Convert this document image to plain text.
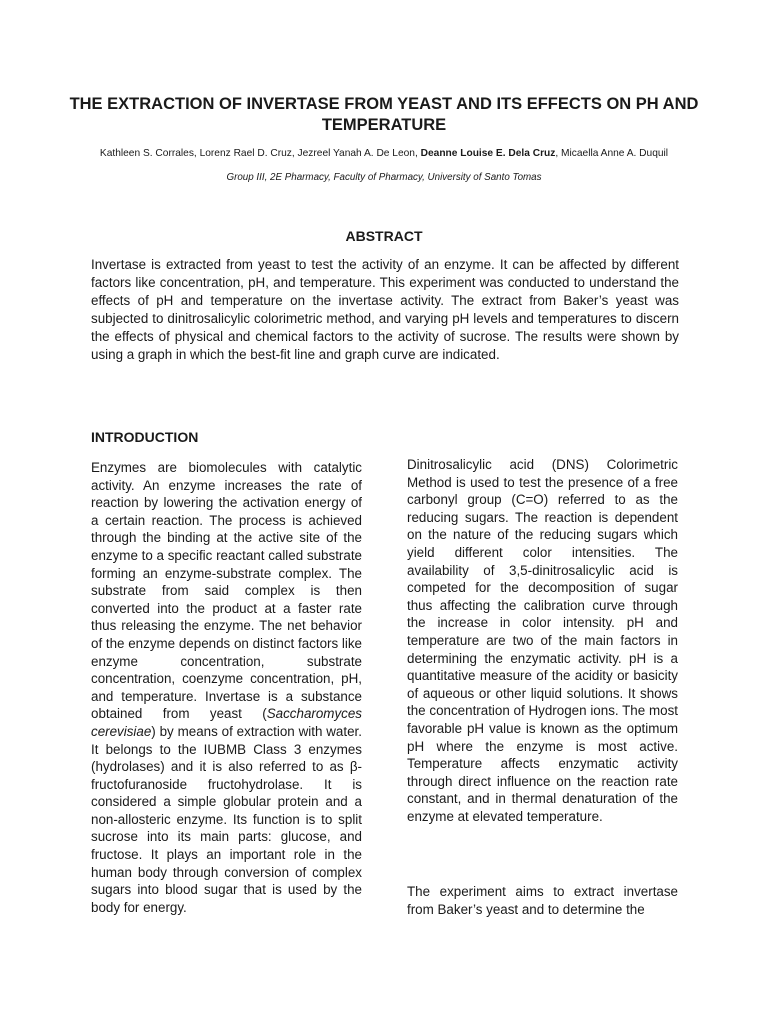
THE EXTRACTION OF INVERTASE FROM YEAST AND ITS EFFECTS ON PH AND TEMPERATURE
Kathleen S. Corrales, Lorenz Rael D. Cruz, Jezreel Yanah A. De Leon, Deanne Louise E. Dela Cruz, Micaella Anne A. Duquil
Group III, 2E Pharmacy, Faculty of Pharmacy, University of Santo Tomas
ABSTRACT

Invertase is extracted from yeast to test the activity of an enzyme. It can be affected by different factors like concentration, pH, and temperature. This experiment was conducted to understand the effects of pH and temperature on the invertase activity. The extract from Baker’s yeast was subjected to dinitrosalicylic colorimetric method, and varying pH levels and temperatures to discern the effects of physical and chemical factors to the activity of sucrose. The results were shown by using a graph in which the best-fit line and graph curve are indicated.

INTRODUCTION

Enzymes are biomolecules with catalytic activity. An enzyme increases the rate of reaction by lowering the activation energy of a certain reaction. The process is achieved through the binding at the active site of the enzyme to a specific reactant called substrate forming an enzyme-substrate complex. The substrate from said complex is then converted into the product at a faster rate thus releasing the enzyme. The net behavior of the enzyme depends on distinct factors like enzyme concentration, substrate concentration, coenzyme concentration, pH, and temperature. Invertase is a substance obtained from yeast (Saccharomyces cerevisiae) by means of extraction with water. It belongs to the IUBMB Class 3 enzymes (hydrolases) and it is also referred to as β-fructofuranoside fructohydrolase. It is considered a simple globular protein and a non-allosteric enzyme. Its function is to split sucrose into its main parts: glucose, and fructose. It plays an important role in the human body through conversion of complex sugars into blood sugar that is used by the body for energy.

Dinitrosalicylic acid (DNS) Colorimetric Method is used to test the presence of a free carbonyl group (C=O) referred to as the reducing sugars. The reaction is dependent on the nature of the reducing sugars which yield different color intensities. The availability of 3,5-dinitrosalicylic acid is competed for the decomposition of sugar thus affecting the calibration curve through the increase in color intensity. pH and temperature are two of the main factors in determining the enzymatic activity. pH is a quantitative measure of the acidity or basicity of aqueous or other liquid solutions. It shows the concentration of Hydrogen ions. The most favorable pH value is known as the optimum pH where the enzyme is most active. Temperature affects enzymatic activity through direct influence on the reaction rate constant, and in thermal denaturation of the enzyme at elevated temperature.

The experiment aims to extract invertase from Baker’s yeast and to determine the
